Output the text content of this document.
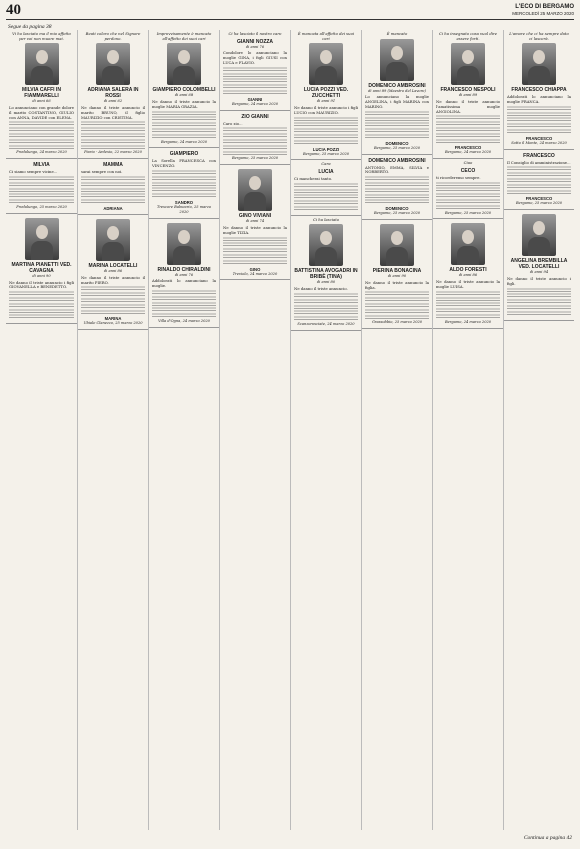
40	L'ECO DI BERGAMO
MERCOLEDÌ 25 MARZO 2020
Segue da pagina 38
Vi ho lasciato ma il mio affetto per voi non muore mai.
MILVIA CAFFI IN FIAMMARELLI
di anni 66
Lo annunciano con grande dolore il marito COSTANTINO, GIULIO con ANNA, DAVIDE con ELENA.
Predalungo, 24 marzo 2020
MILVIA
Ci siamo sempre vicine...
Predalungo, 25 marzo 2020
MARTINA PIANETTI VED. CAVAGNA
di anni 90
Ne danno il triste annuncio i figli GIOVANELLA e BENEDETTO.
Beati coloro che nel Signore perdono.
ADRIANA SALERA IN ROSSI
di anni 62
Ne danno il triste annuncio il marito BRUNO, il figlio MAURIZIO con CRISTINA.
Piario - Ardesio, 22 marzo 2020
MAMMA
sarai sempre con noi.
ADRIANA
MARINA LOCATELLI
di anni 86
Ne danno il triste annuncio il marito PIERO.
MARINA
Ubiale Clanezzo, 25 marzo 2020
Improvvisamente è mancato all'affetto dei suoi cari
GIAMPIERO COLOMBELLI
di anni 68
Ne danno il triste annuncio la moglie MARIA GRAZIA.
Bergamo, 24 marzo 2020
GIAMPIERO
La Sorella FRANCESCA con VINCENZO.
SANDRO
Trescore Balneario, 25 marzo 2020
RINALDO CHIRALDINI
di anni 76
Addolorati lo annunciano la moglie.
Villa d'Ogna, 24 marzo 2020
Ci ha lasciato il nostro caro
GIANNI NOZZA
di anni 76
Condolore lo annunciano la moglie GINA, i figli GIUSI con LUCA e FLAVIO.
GIANNI
Bergamo, 24 marzo 2020
ZIO GIANNI
Caro zio...
Bergamo, 25 marzo 2020
GINO VIVIANI
di anni 74
Ne danno il triste annuncio la moglie TIZIA.
GINO
Treviolo, 24 marzo 2020
È mancata all'affetto dei suoi cari
LUCIA POZZI VED. ZUCCHETTI
di anni 91
Ne danno il triste annuncio i figli LUCIO con MAURIZIO.
LUCIA POZZI
Bergamo, 25 marzo 2020
Cara
LUCIA
Ci mancherai tanto.
Ci ha lasciato
BATTISTINA AVOGADRI IN BRIBÈ (TINA)
di anni 80
Ne danno il triste annuncio.
Scanzorosciate, 24 marzo 2020
È mancato
DOMENICO AMBROSINI
di anni 89 (Maestro del Lavoro)
Lo annunciano la moglie ANGELINA, i figli MARINA con MARINO.
DOMENICO
Bergamo, 25 marzo 2020
DOMENICO AMBROSINI
ANTONIO, EMMA, SILVIA e NORBERTO.
DOMENICO
Bergamo, 25 marzo 2020
PIERINA BONACINA
di anni 90
Ne danno il triste annuncio la figlia.
Grassobbio, 25 marzo 2020
Ci ha insegnato cosa vuol dire essere forti.
FRANCESCO NESPOLI
di anni 89
Ne danno il triste annuncio l'amatissima moglie ANGIOLINA.
FRANCESCO
Bergamo, 24 marzo 2020
Ciao
CECO
ti ricorderemo sempre.
Bergamo, 25 marzo 2020
ALDO FORESTI
di anni 86
Ne danno il triste annuncio la moglie LUISA.
Bergamo, 24 marzo 2020
L'amore che ci ha sempre dato ci lascerà.
FRANCESCO CHIAPPA
Addolorati lo annunciano la moglie FRANCA.
FRANCESCO
Sotto il Monte, 24 marzo 2020
FRANCESCO
Il Consiglio di amministrazione...
FRANCESCO
Bergamo, 25 marzo 2020
ANGELINA BREMBILLA VED. LOCATELLI
di anni 94
Ne danno il triste annuncio i figli.
Continua a pagina 42
